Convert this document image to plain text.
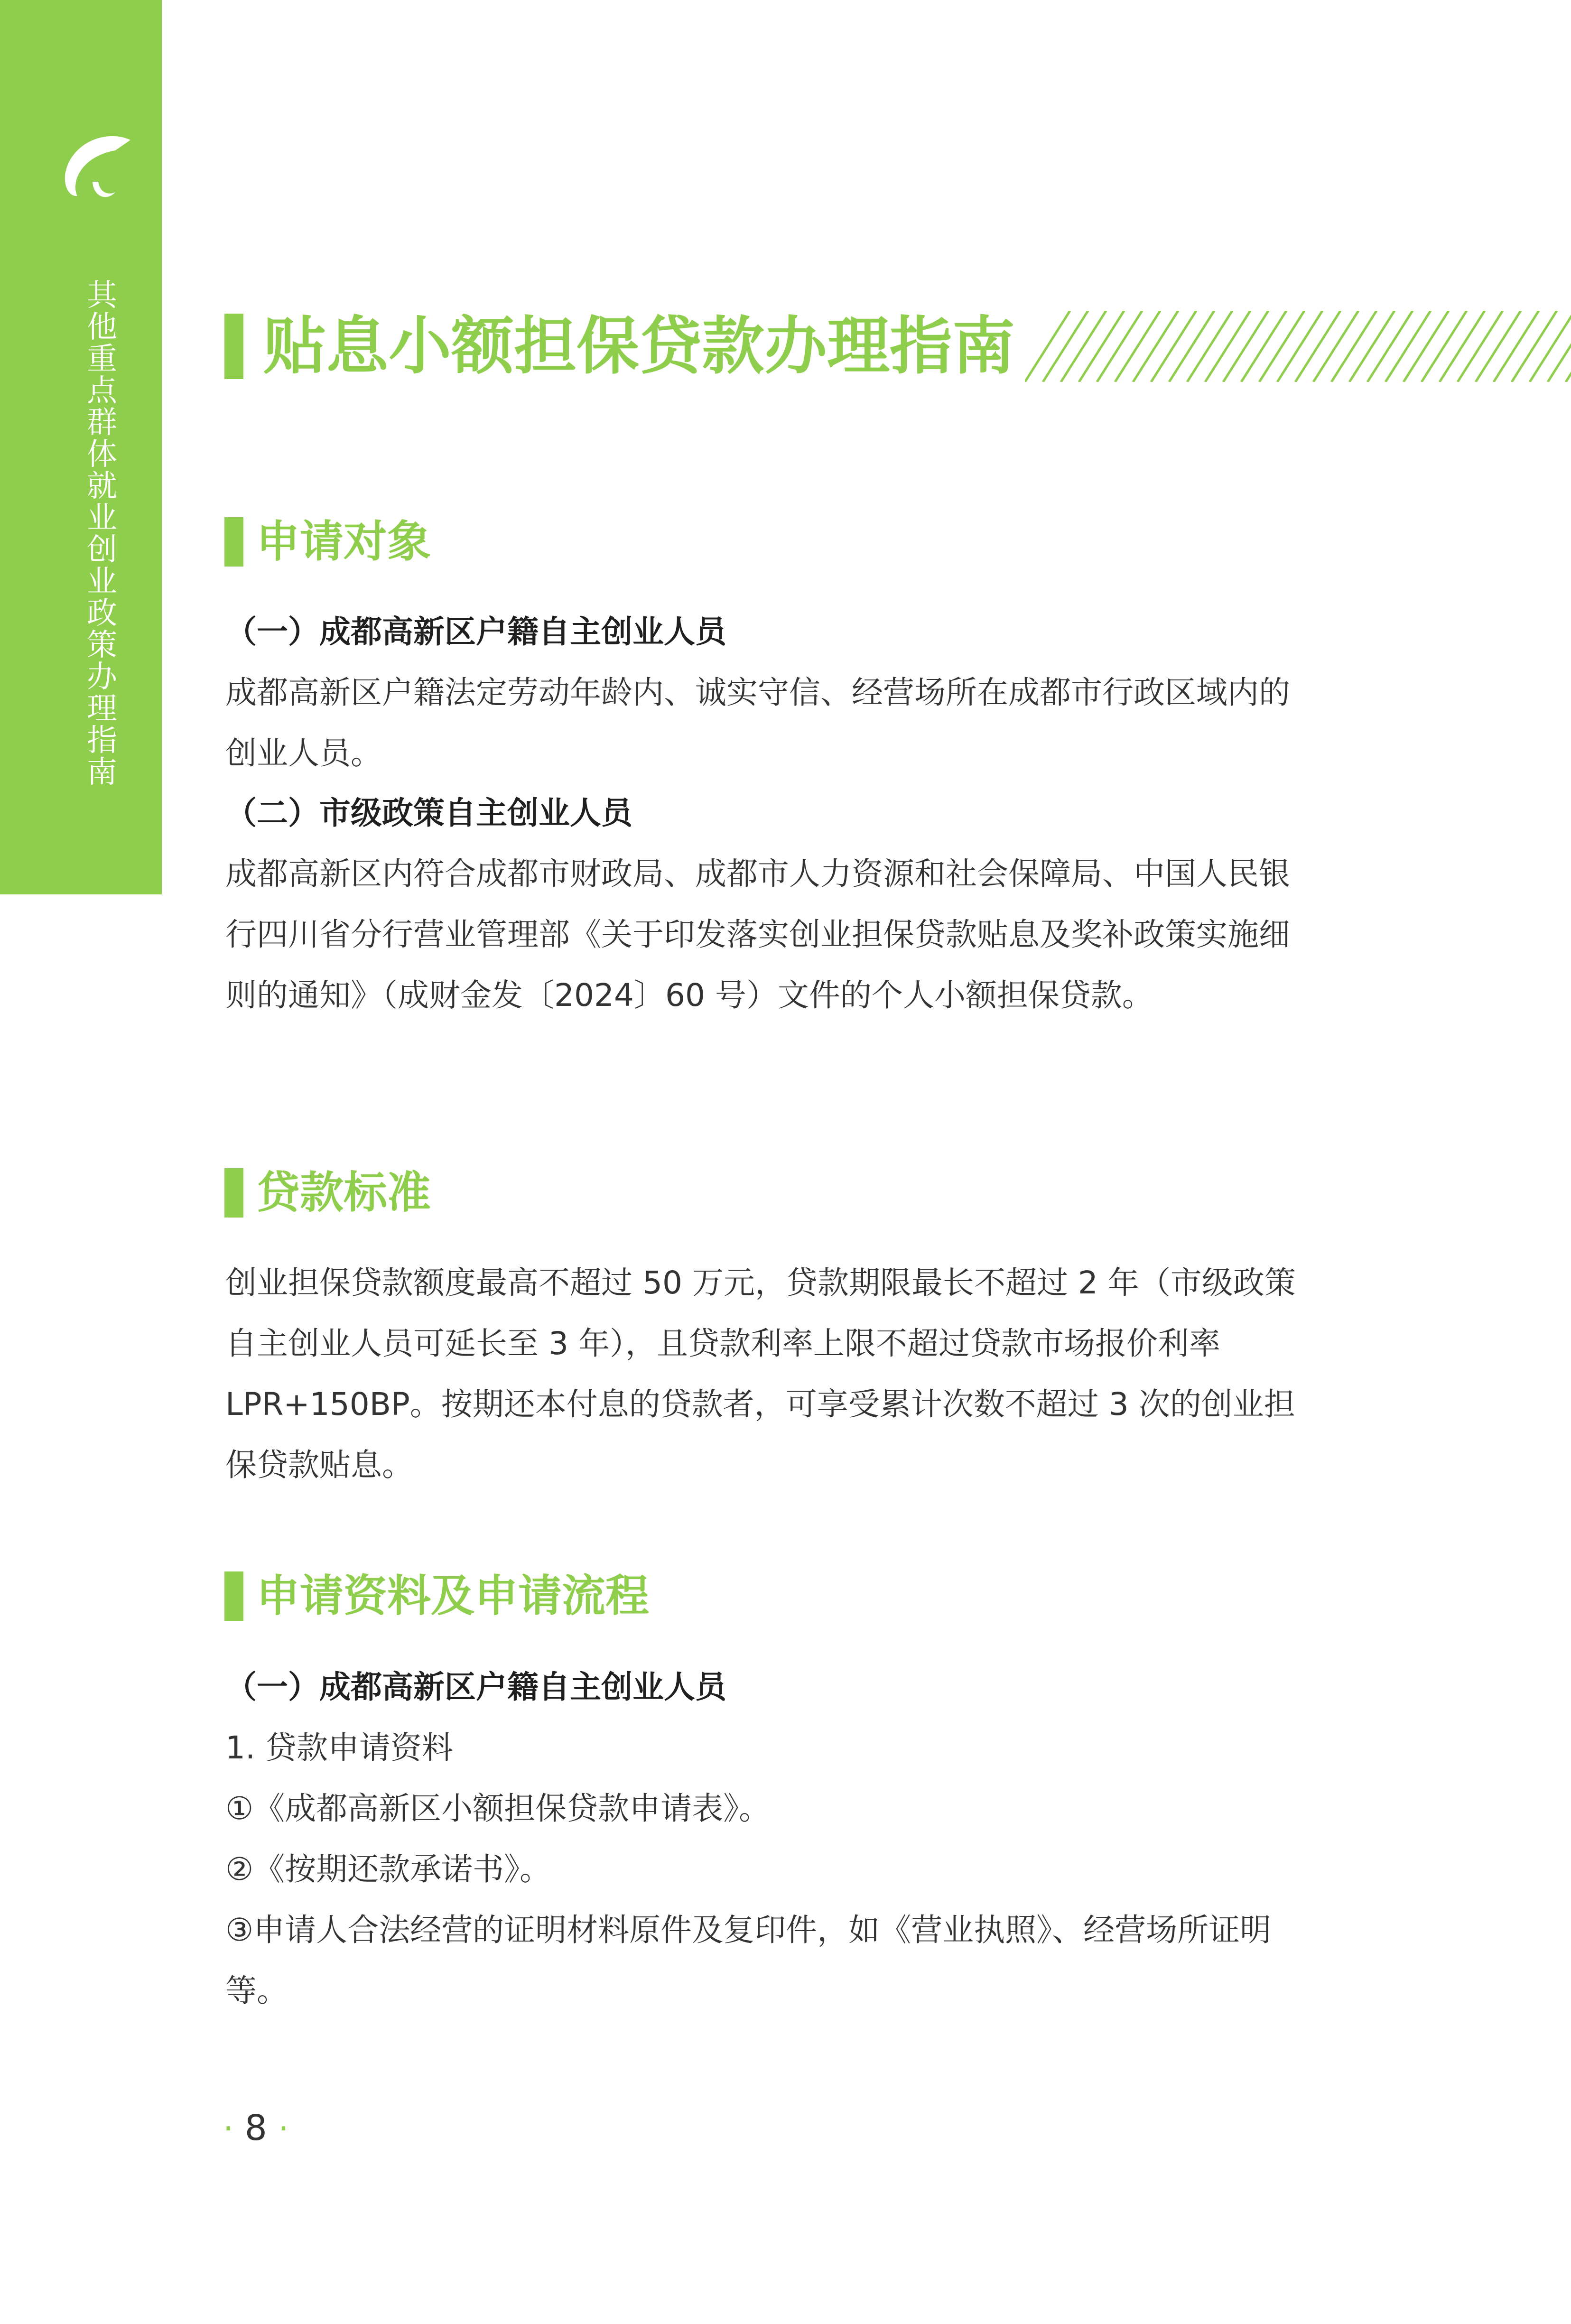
其他重点群体就业创业政策办理指南
贴息小额担保贷款办理指南
申请对象
（一）成都高新区户籍自主创业人员
成都高新区户籍法定劳动年龄内、诚实守信、经营场所在成都市行政区域内的创业人员。
（二）市级政策自主创业人员
成都高新区内符合成都市财政局、成都市人力资源和社会保障局、中国人民银行四川省分行营业管理部《关于印发落实创业担保贷款贴息及奖补政策实施细则的通知》（成财金发〔2024〕60 号）文件的个人小额担保贷款。
贷款标准
创业担保贷款额度最高不超过 50 万元，贷款期限最长不超过 2 年（市级政策自主创业人员可延长至 3 年），且贷款利率上限不超过贷款市场报价利率 LPR+150BP。按期还本付息的贷款者，可享受累计次数不超过 3 次的创业担保贷款贴息。
申请资料及申请流程
（一）成都高新区户籍自主创业人员
1. 贷款申请资料
①《成都高新区小额担保贷款申请表》。
②《按期还款承诺书》。
③申请人合法经营的证明材料原件及复印件，如《营业执照》、经营场所证明等。
· 8 ·
